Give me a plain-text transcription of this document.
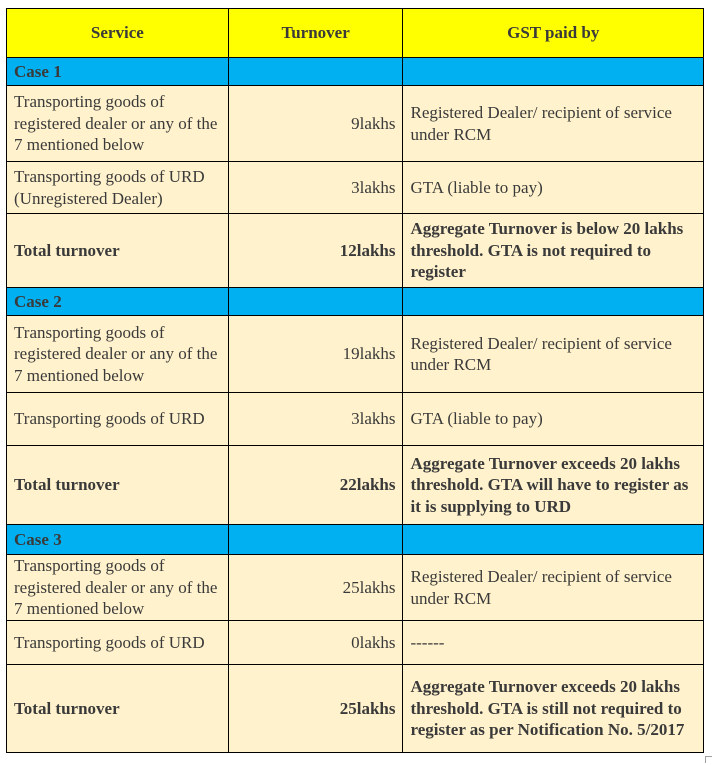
Service	Turnover	GST paid by
Case 1		
Transporting goods of registered dealer or any of the 7 mentioned below	9lakhs	Registered Dealer/ recipient of service under RCM
Transporting goods of URD (Unregistered Dealer)	3lakhs	GTA (liable to pay)
Total turnover	12lakhs	Aggregate Turnover is below 20 lakhs threshold. GTA is not required to register
Case 2		
Transporting goods of registered dealer or any of the 7 mentioned below	19lakhs	Registered Dealer/ recipient of service under RCM
Transporting goods of URD	3lakhs	GTA (liable to pay)
Total turnover	22lakhs	Aggregate Turnover exceeds 20 lakhs threshold. GTA will have to register as it is supplying to URD
Case 3		
Transporting goods of registered dealer or any of the 7 mentioned below	25lakhs	Registered Dealer/ recipient of service under RCM
Transporting goods of URD	0lakhs	------
Total turnover	25lakhs	Aggregate Turnover exceeds 20 lakhs threshold. GTA is still not required to register as per Notification No. 5/2017
